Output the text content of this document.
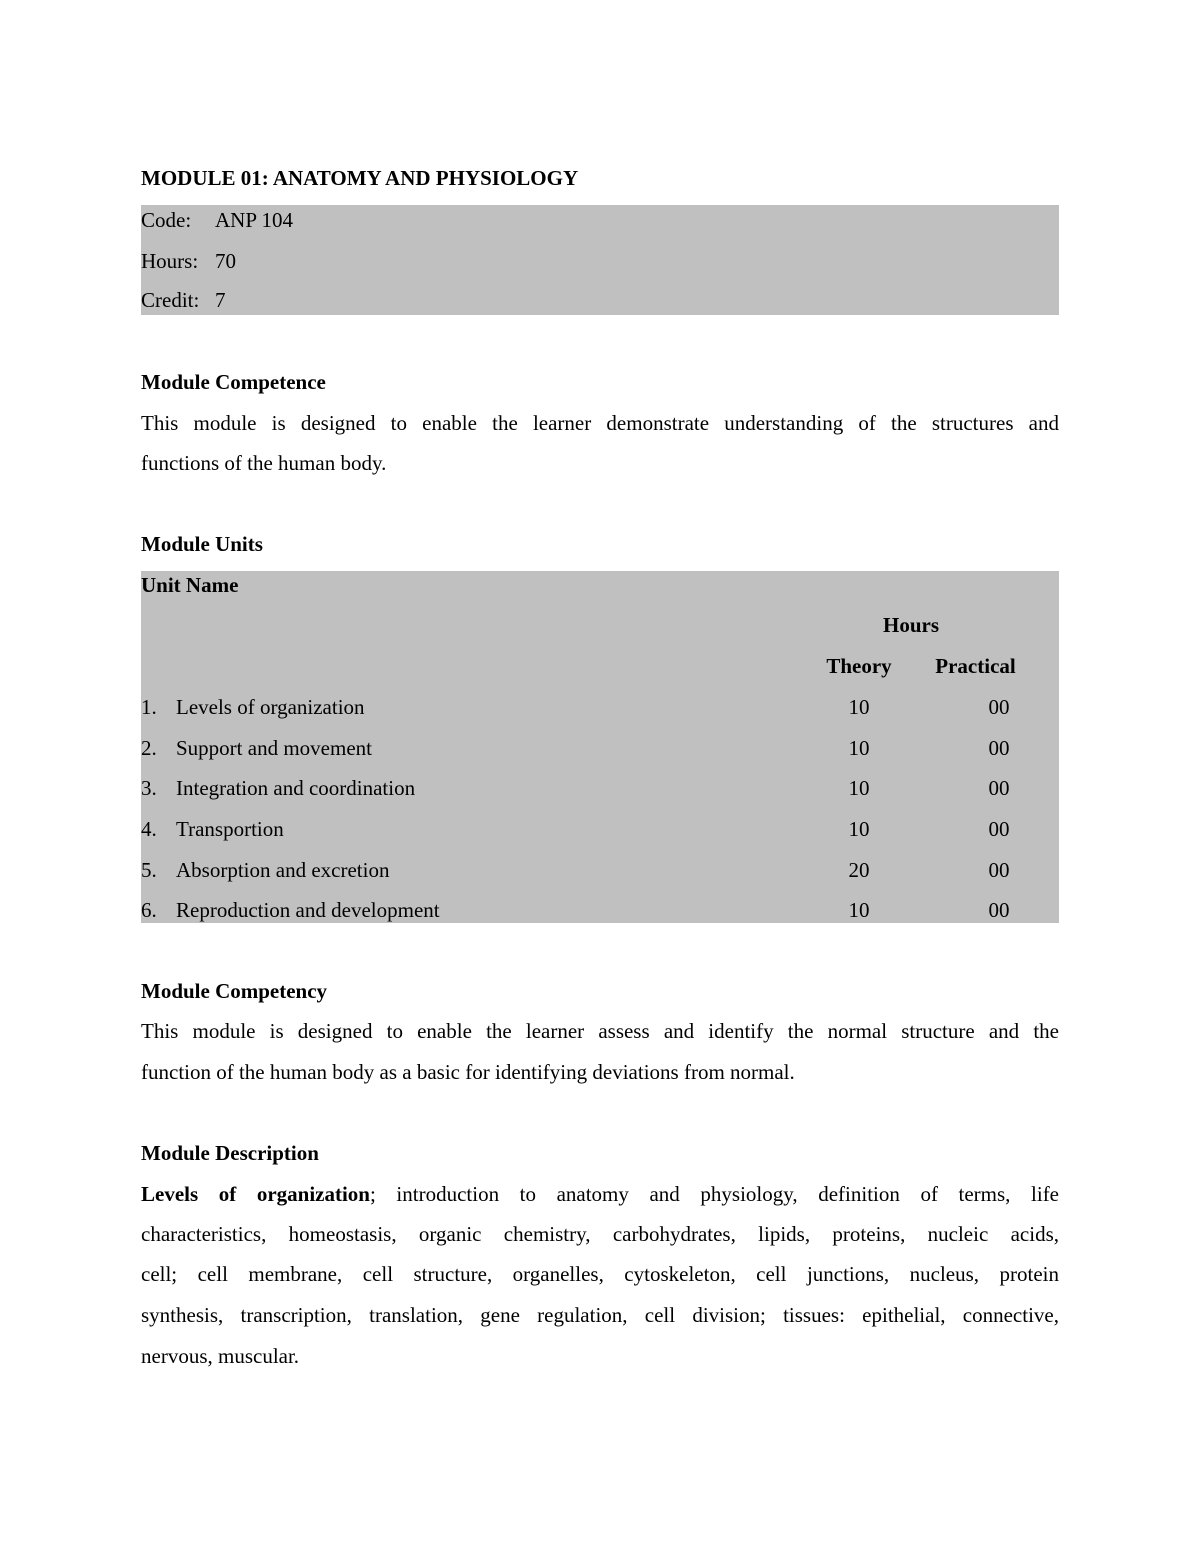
MODULE 01: ANATOMY AND PHYSIOLOGY
Code: ANP 104
Hours: 70
Credit: 7
Module Competence
This module is designed to enable the learner demonstrate understanding of the structures and
functions of the human body.
Module Units
Unit Name
Hours
Theory	Practical
1. Levels of organization	10	00
2. Support and movement	10	00
3. Integration and coordination	10	00
4. Transportion	10	00
5. Absorption and excretion	20	00
6. Reproduction and development	10	00
Module Competency
This module is designed to enable the learner assess and identify the normal structure and the
function of the human body as a basic for identifying deviations from normal.
Module Description
Levels of organization; introduction to anatomy and physiology, definition of terms, life
characteristics, homeostasis, organic chemistry, carbohydrates, lipids, proteins, nucleic acids,
cell; cell membrane, cell structure, organelles, cytoskeleton, cell junctions, nucleus, protein
synthesis, transcription, translation, gene regulation, cell division; tissues: epithelial, connective,
nervous, muscular.
